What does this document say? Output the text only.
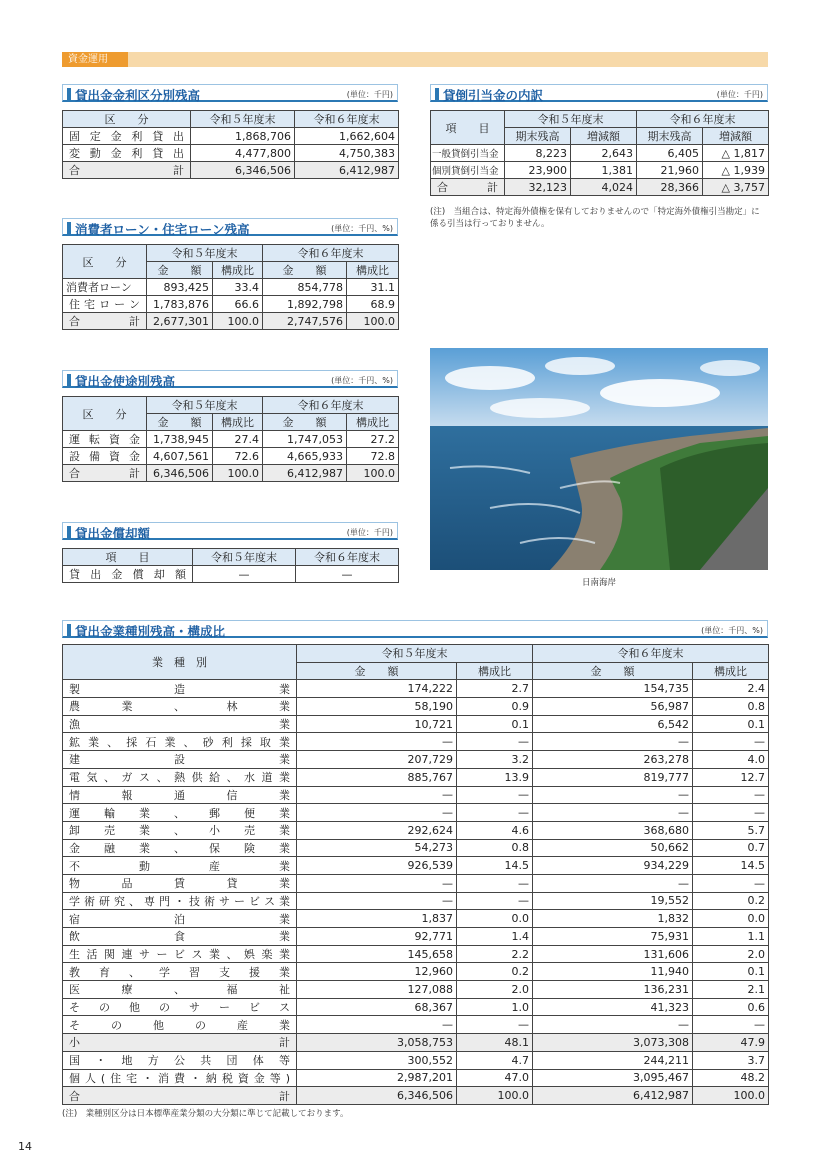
資金運用
貸出金金利区分別残高	(単位：千円)
区　　分	令和５年度末	令和６年度末
固定金利貸出	1,868,706	1,662,604
変動金利貸出	4,477,800	4,750,383
合　計	6,346,506	6,412,987
貸倒引当金の内訳	(単位：千円)
項　　目	令和５年度末		令和６年度末	
	期末残高	増減額	期末残高	増減額
一般貸倒引当金	8,223	2,643	6,405	△ 1,817
個別貸倒引当金	23,900	1,381	21,960	△ 1,939
合　計	32,123	4,024	28,366	△ 3,757
(注)　当組合は、特定海外債権を保有しておりませんので「特定海外債権引当勘定」に係る引当は行っておりません。
消費者ローン・住宅ローン残高	(単位：千円、%)
区　　分	令和５年度末		令和６年度末	
	金　　額	構成比	金　　額	構成比
消費者ローン	893,425	33.4	854,778	31.1
住宅ローン	1,783,876	66.6	1,892,798	68.9
合　計	2,677,301	100.0	2,747,576	100.0
貸出金使途別残高	(単位：千円、%)
区　　分	令和５年度末		令和６年度末	
	金　　額	構成比	金　　額	構成比
運転資金	1,738,945	27.4	1,747,053	27.2
設備資金	4,607,561	72.6	4,665,933	72.8
合　計	6,346,506	100.0	6,412,987	100.0
貸出金償却額	(単位：千円)
項　　目	令和５年度末	令和６年度末
貸出金償却額	—	—
日南海岸
貸出金業種別残高・構成比	(単位：千円、%)
業　種　別	令和５年度末		令和６年度末	
	金　　額	構成比	金　　額	構成比
製造業	174,222	2.7	154,735	2.4
農業、林業	58,190	0.9	56,987	0.8
漁業	10,721	0.1	6,542	0.1
鉱業、採石業、砂利採取業	—	—	—	—
建設業	207,729	3.2	263,278	4.0
電気、ガス、熱供給、水道業	885,767	13.9	819,777	12.7
情報通信業	—	—	—	—
運輸業、郵便業	—	—	—	—
卸売業、小売業	292,624	4.6	368,680	5.7
金融業、保険業	54,273	0.8	50,662	0.7
不動産業	926,539	14.5	934,229	14.5
物品賃貸業	—	—	—	—
学術研究、専門・技術サービス業	—	—	19,552	0.2
宿泊業	1,837	0.0	1,832	0.0
飲食業	92,771	1.4	75,931	1.1
生活関連サービス業、娯楽業	145,658	2.2	131,606	2.0
教育、学習支援業	12,960	0.2	11,940	0.1
医療、福祉	127,088	2.0	136,231	2.1
その他のサービス	68,367	1.0	41,323	0.6
その他の産業	—	—	—	—
小　計	3,058,753	48.1	3,073,308	47.9
国・地方公共団体等	300,552	4.7	244,211	3.7
個人(住宅・消費・納税資金等)	2,987,201	47.0	3,095,467	48.2
合　計	6,346,506	100.0	6,412,987	100.0
(注)　業種別区分は日本標準産業分類の大分類に準じて記載しております。
14
